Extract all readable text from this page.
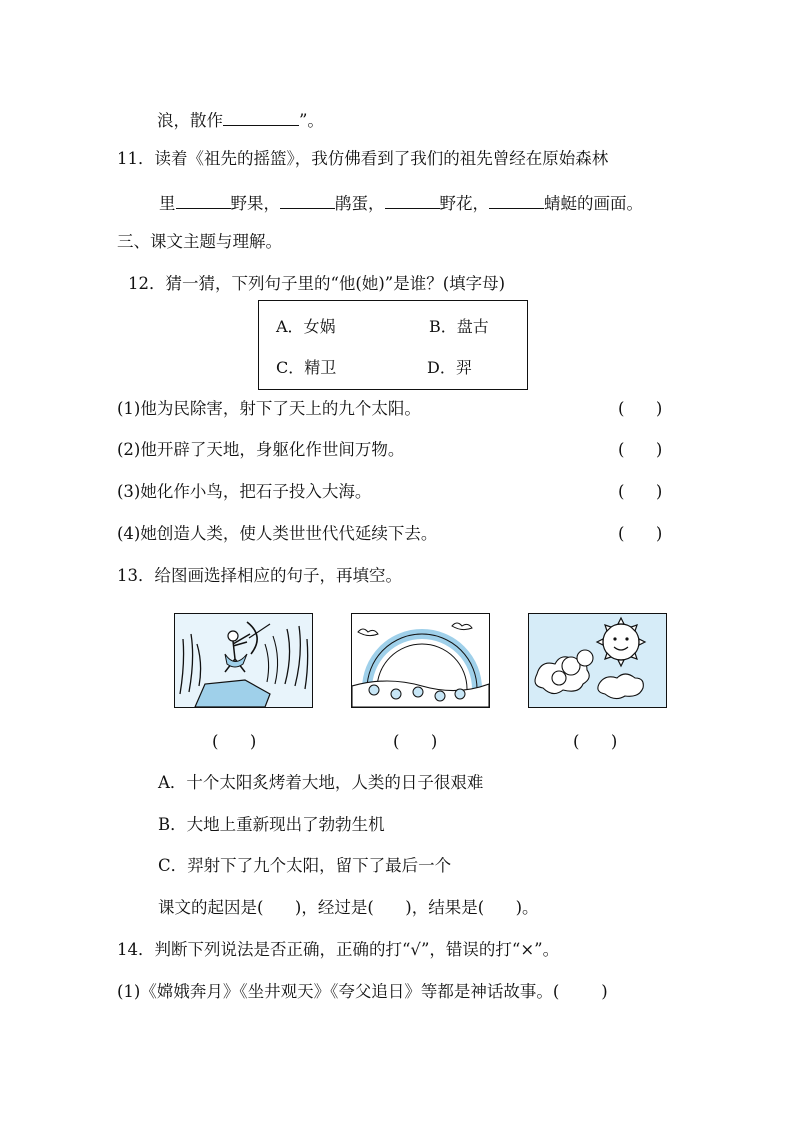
浪，散作	”。
11．读着《祖先的摇篮》，我仿佛看到了我们的祖先曾经在原始森林
里	野果，	鹃蛋，	野花，	蜻蜓的画面。
三、课文主题与理解。
12．猜一猜，下列句子里的“他(她)”是谁？(填字母)
A．女娲	B．盘古
C．精卫	D．羿
(1)他为民除害，射下了天上的九个太阳。	(      )
(2)他开辟了天地，身躯化作世间万物。	(      )
(3)她化作小鸟，把石子投入大海。	(      )
(4)她创造人类，使人类世世代代延续下去。	(      )
13．给图画选择相应的句子，再填空。
(      )	(      )	(      )
A．十个太阳炙烤着大地，人类的日子很艰难
B．大地上重新现出了勃勃生机
C．羿射下了九个太阳，留下了最后一个
课文的起因是(      )，经过是(      )，结果是(      )。
14．判断下列说法是否正确，正确的打“√”，错误的打“×”。
(1)《嫦娥奔月》《坐井观天》《夸父追日》等都是神话故事。(        )
